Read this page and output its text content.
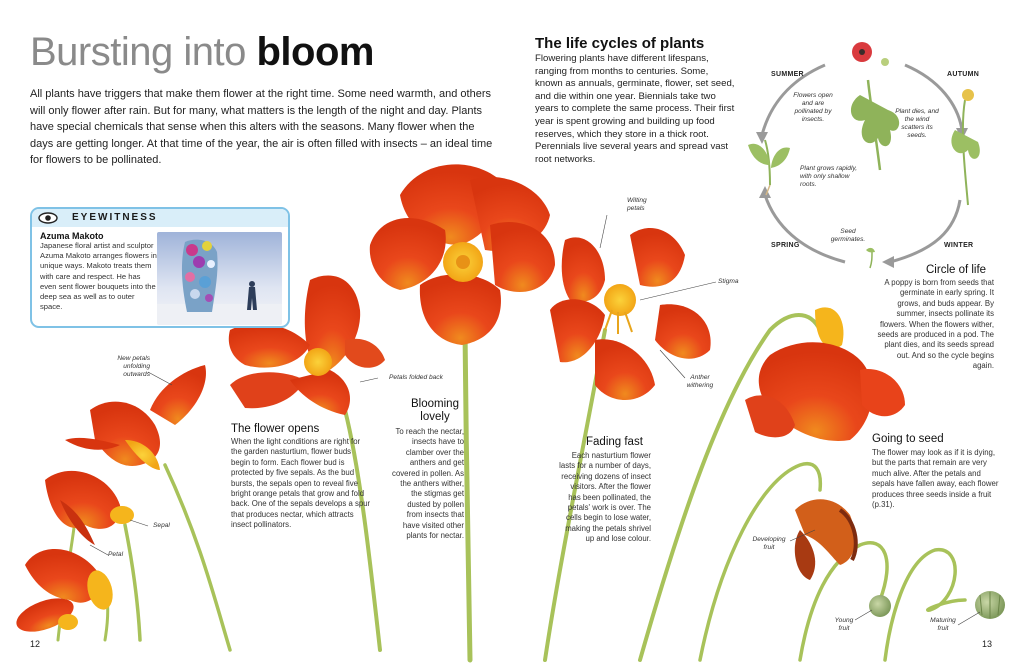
Bursting into bloom

All plants have triggers that make them flower at the right time. Some need warmth, and others will only flower after rain. But for many, what matters is the length of the night and day. Plants have special chemicals that sense when this alters with the seasons. Many flower when the days are getting longer. At that time of the year, the air is often filled with insects – an ideal time for flowers to be pollinated.

The life cycles of plants

Flowering plants have different lifespans, ranging from months to centuries. Some, known as annuals, germinate, flower, set seed, and die within one year. Biennials take two years to complete the same process. Their first year is spent growing and building up food reserves, which they store in a thick root. Perennials live several years and spread vast root networks.

EYEWITNESS
Azuma Makoto

Japanese floral artist and sculptor Azuma Makoto arranges flowers in unique ways. Makoto treats them with care and respect. He has even sent flower bouquets into the deep sea as well as to outer space.

The flower opens

When the light conditions are right for the garden nasturtium, flower buds begin to form. Each flower bud is protected by five sepals. As the bud bursts, the sepals open to reveal five bright orange petals that grow and fold back. One of the sepals develops a spur that produces nectar, which attracts insect pollinators.

Blooming lovely

To reach the nectar, insects have to clamber over the anthers and get covered in pollen. As the anthers wither, the stigmas get dusted by pollen from insects that have visited other plants for nectar.

Fading fast

Each nasturtium flower lasts for a number of days, receiving dozens of insect visitors. After the flower has been pollinated, the petals' work is over. The cells begin to lose water, making the petals shrivel up and lose colour.

Going to seed

The flower may look as if it is dying, but the parts that remain are very much alive. After the petals and sepals have fallen away, each flower produces three seeds inside a fruit (p.31).

Circle of life

A poppy is born from seeds that germinate in early spring. It grows, and buds appear. By summer, insects pollinate its flowers. When the flowers wither, seeds are produced in a pod. The plant dies, and its seeds spread out. And so the cycle begins again.

SUMMER	AUTUMN
SPRING	WINTER
Flowers open and are pollinated by insects.
Plant dies, and the wind scatters its seeds.
Plant grows rapidly, with only shallow roots.
Seed germinates.
New petals unfolding outwards	Petals folded back
Sepal
Petal
Wilting petals
Stigma
Anther withering
Developing fruit
Young fruit
Maturing fruit
12	13
